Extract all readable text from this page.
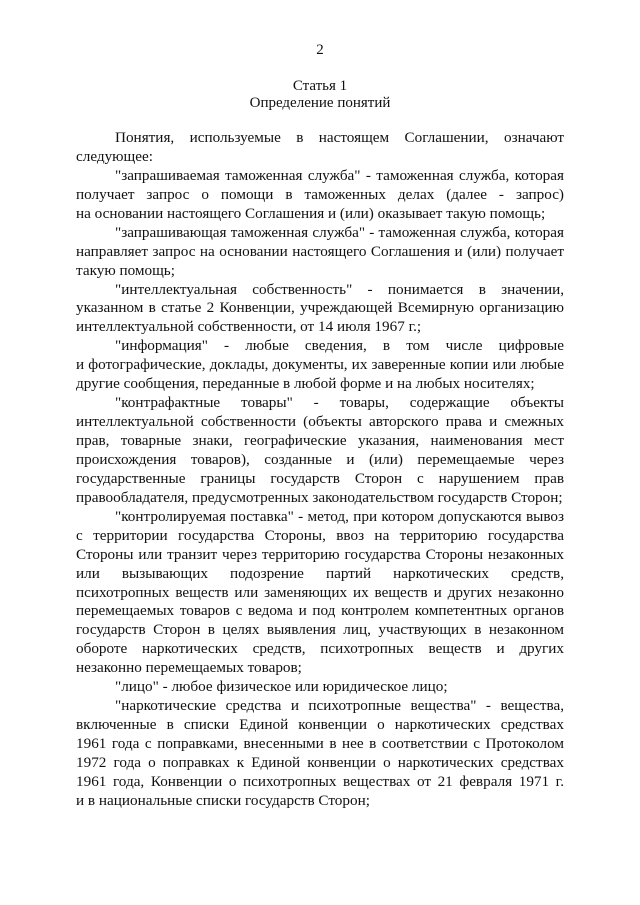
2
Статья 1
Определение понятий
Понятия, используемые в настоящем Соглашении, означают
следующее:
"запрашиваемая таможенная служба" - таможенная служба, которая
получает запрос о помощи в таможенных делах (далее - запрос)
на основании настоящего Соглашения и (или) оказывает такую помощь;
"запрашивающая таможенная служба" - таможенная служба, которая
направляет запрос на основании настоящего Соглашения и (или) получает
такую помощь;
"интеллектуальная собственность" - понимается в значении,
указанном в статье 2 Конвенции, учреждающей Всемирную организацию
интеллектуальной собственности, от 14 июля 1967 г.;
"информация" - любые сведения, в том числе цифровые
и фотографические, доклады, документы, их заверенные копии или любые
другие сообщения, переданные в любой форме и на любых носителях;
"контрафактные товары" - товары, содержащие объекты
интеллектуальной собственности (объекты авторского права и смежных
прав, товарные знаки, географические указания, наименования мест
происхождения товаров), созданные и (или) перемещаемые через
государственные границы государств Сторон с нарушением прав
правообладателя, предусмотренных законодательством государств Сторон;
"контролируемая поставка" - метод, при котором допускаются вывоз
с территории государства Стороны, ввоз на территорию государства
Стороны или транзит через территорию государства Стороны незаконных
или вызывающих подозрение партий наркотических средств,
психотропных веществ или заменяющих их веществ и других незаконно
перемещаемых товаров с ведома и под контролем компетентных органов
государств Сторон в целях выявления лиц, участвующих в незаконном
обороте наркотических средств, психотропных веществ и других
незаконно перемещаемых товаров;
"лицо" - любое физическое или юридическое лицо;
"наркотические средства и психотропные вещества" - вещества,
включенные в списки Единой конвенции о наркотических средствах
1961 года с поправками, внесенными в нее в соответствии с Протоколом
1972 года о поправках к Единой конвенции о наркотических средствах
1961 года, Конвенции о психотропных веществах от 21 февраля 1971 г.
и в национальные списки государств Сторон;
